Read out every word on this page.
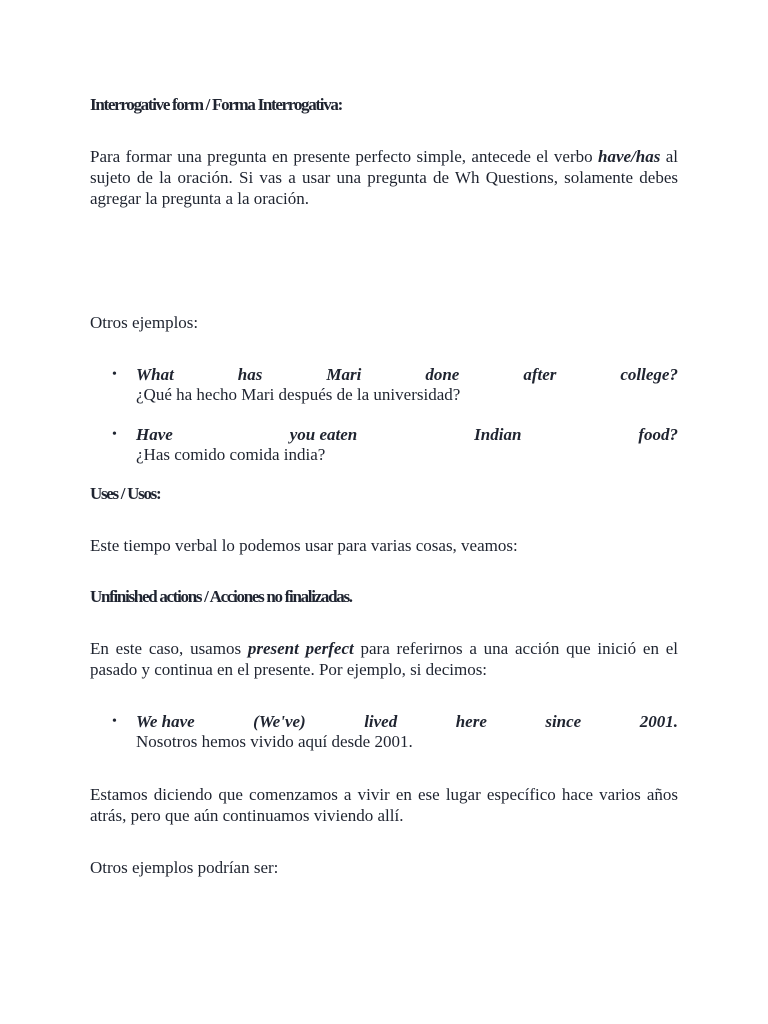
Interrogative form / Forma Interrogativa:
Para formar una pregunta en presente perfecto simple, antecede el verbo have/has al sujeto de la oración. Si vas a usar una pregunta de Wh Questions, solamente debes agregar la pregunta a la oración.
Otros ejemplos:
• What	has	Mari	done	after	college?
¿Qué ha hecho Mari después de la universidad?
• Have	you eaten	Indian	food?
¿Has comido comida india?
Uses / Usos:
Este tiempo verbal lo podemos usar para varias cosas, veamos:
Unfinished actions / Acciones no finalizadas.
En este caso, usamos present perfect para referirnos a una acción que inició en el pasado y continua en el presente. Por ejemplo, si decimos:
• We have	(We've)	lived	here	since	2001.
Nosotros hemos vivido aquí desde 2001.
Estamos diciendo que comenzamos a vivir en ese lugar específico hace varios años atrás, pero que aún continuamos viviendo allí.
Otros ejemplos podrían ser:
